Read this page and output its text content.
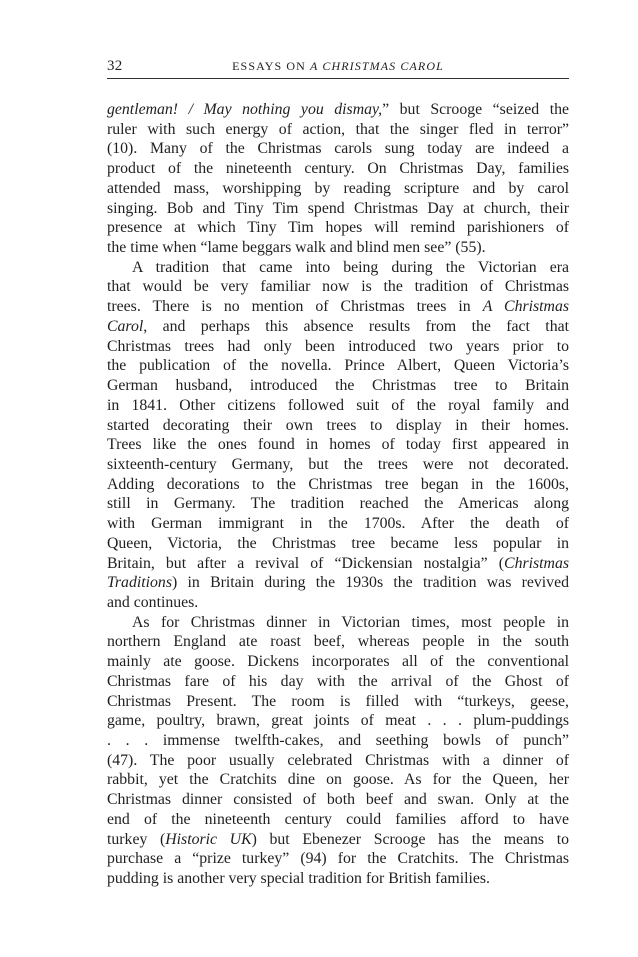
32	ESSAYS ON A CHRISTMAS CAROL
gentleman! / May nothing you dismay,” but Scrooge “seized the
ruler with such energy of action, that the singer fled in terror”
(10). Many of the Christmas carols sung today are indeed a
product of the nineteenth century. On Christmas Day, families
attended mass, worshipping by reading scripture and by carol
singing. Bob and Tiny Tim spend Christmas Day at church, their
presence at which Tiny Tim hopes will remind parishioners of
the time when “lame beggars walk and blind men see” (55).
A tradition that came into being during the Victorian era
that would be very familiar now is the tradition of Christmas
trees. There is no mention of Christmas trees in A Christmas
Carol, and perhaps this absence results from the fact that
Christmas trees had only been introduced two years prior to
the publication of the novella. Prince Albert, Queen Victoria’s
German husband, introduced the Christmas tree to Britain
in 1841. Other citizens followed suit of the royal family and
started decorating their own trees to display in their homes.
Trees like the ones found in homes of today first appeared in
sixteenth-century Germany, but the trees were not decorated.
Adding decorations to the Christmas tree began in the 1600s,
still in Germany. The tradition reached the Americas along
with German immigrant in the 1700s. After the death of
Queen, Victoria, the Christmas tree became less popular in
Britain, but after a revival of “Dickensian nostalgia” (Christmas
Traditions) in Britain during the 1930s the tradition was revived
and continues.
As for Christmas dinner in Victorian times, most people in
northern England ate roast beef, whereas people in the south
mainly ate goose. Dickens incorporates all of the conventional
Christmas fare of his day with the arrival of the Ghost of
Christmas Present. The room is filled with “turkeys, geese,
game, poultry, brawn, great joints of meat . . . plum-puddings
. . . immense twelfth-cakes, and seething bowls of punch”
(47). The poor usually celebrated Christmas with a dinner of
rabbit, yet the Cratchits dine on goose. As for the Queen, her
Christmas dinner consisted of both beef and swan. Only at the
end of the nineteenth century could families afford to have
turkey (Historic UK) but Ebenezer Scrooge has the means to
purchase a “prize turkey” (94) for the Cratchits. The Christmas
pudding is another very special tradition for British families.
